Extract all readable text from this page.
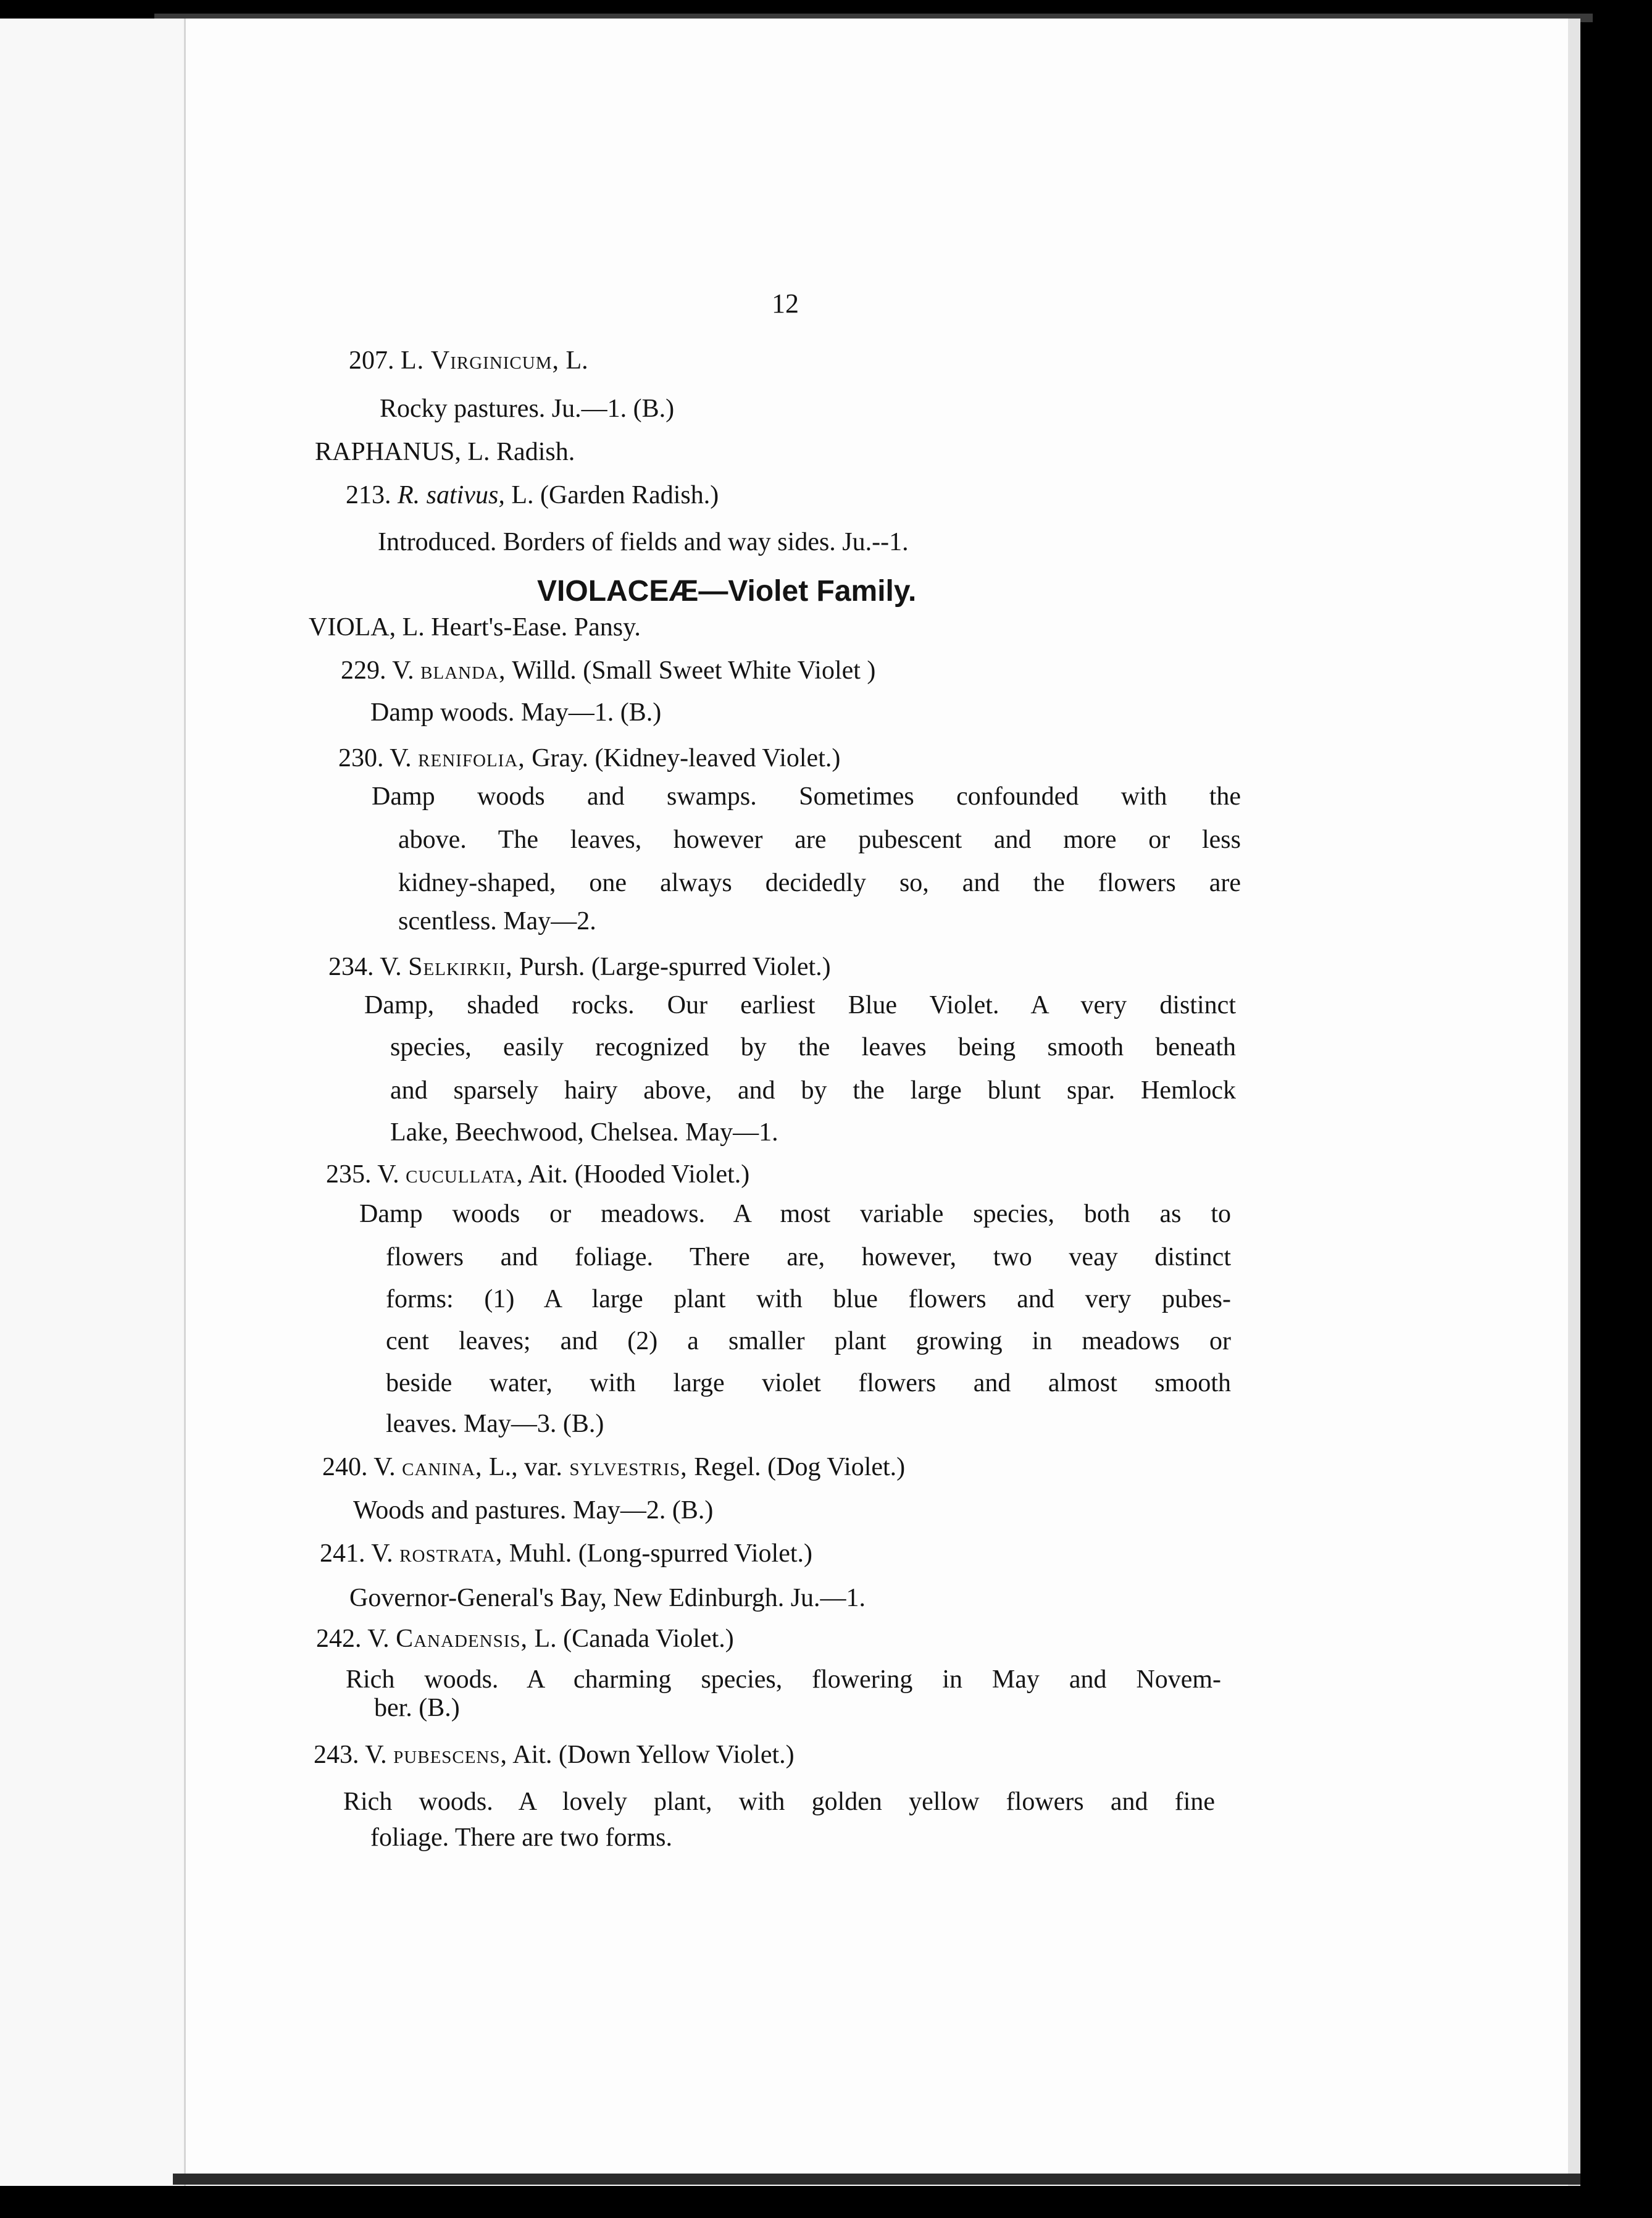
12
207. L. Virginicum, L.
Rocky pastures. Ju.—1. (B.)
RAPHANUS, L. Radish.
213. R. sativus, L. (Garden Radish.)
Introduced. Borders of fields and way sides. Ju.--1.
VIOLACEÆ—Violet Family.
VIOLA, L. Heart's-Ease. Pansy.
229. V. blanda, Willd. (Small Sweet White Violet )
Damp woods. May—1. (B.)
230. V. renifolia, Gray. (Kidney-leaved Violet.)
Damp woods and swamps. Sometimes confounded with the
above. The leaves, however are pubescent and more or less
kidney-shaped, one always decidedly so, and the flowers are
scentless. May—2.
234. V. Selkirkii, Pursh. (Large-spurred Violet.)
Damp, shaded rocks. Our earliest Blue Violet. A very distinct
species, easily recognized by the leaves being smooth beneath
and sparsely hairy above, and by the large blunt spar. Hemlock
Lake, Beechwood, Chelsea. May—1.
235. V. cucullata, Ait. (Hooded Violet.)
Damp woods or meadows. A most variable species, both as to
flowers and foliage. There are, however, two veay distinct
forms: (1) A large plant with blue flowers and very pubes-
cent leaves; and (2) a smaller plant growing in meadows or
beside water, with large violet flowers and almost smooth
leaves. May—3. (B.)
240. V. canina, L., var. sylvestris, Regel. (Dog Violet.)
Woods and pastures. May—2. (B.)
241. V. rostrata, Muhl. (Long-spurred Violet.)
Governor-General's Bay, New Edinburgh. Ju.—1.
242. V. Canadensis, L. (Canada Violet.)
Rich woods. A charming species, flowering in May and Novem-
ber. (B.)
243. V. pubescens, Ait. (Down Yellow Violet.)
Rich woods. A lovely plant, with golden yellow flowers and fine
foliage. There are two forms.
